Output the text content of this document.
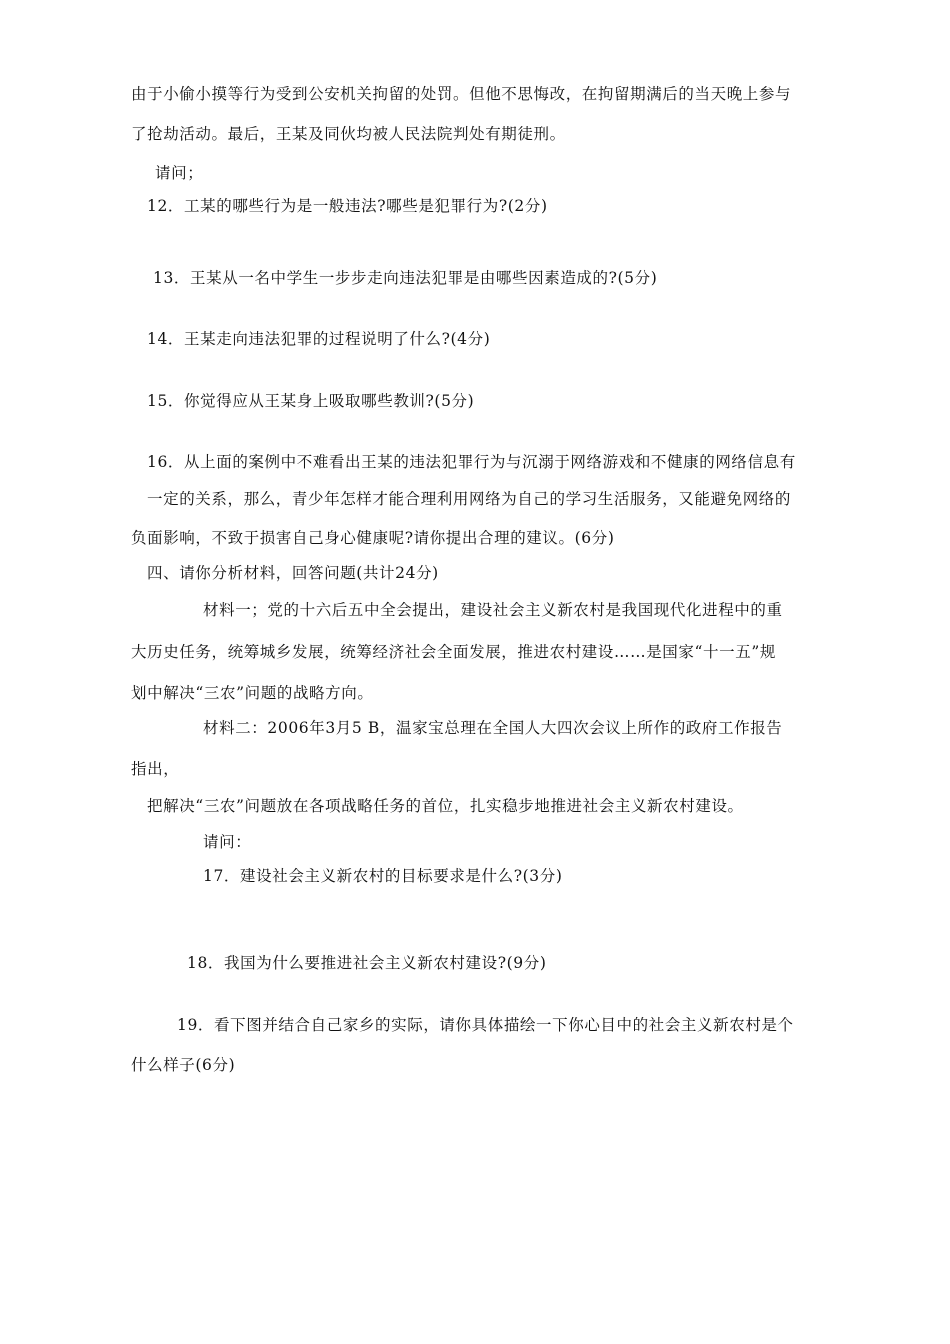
由于小偷小摸等行为受到公安机关拘留的处罚。但他不思悔改，在拘留期满后的当天晚上参与
了抢劫活动。最后，王某及同伙均被人民法院判处有期徒刑。
请问；
12．工某的哪些行为是一般违法?哪些是犯罪行为?(2分)
13．王某从一名中学生一步步走向违法犯罪是由哪些因素造成的?(5分)
14．王某走向违法犯罪的过程说明了什么?(4分)
15．你觉得应从王某身上吸取哪些教训?(5分)
16．从上面的案例中不难看出王某的违法犯罪行为与沉溺于网络游戏和不健康的网络信息有
一定的关系，那么，青少年怎样才能合理利用网络为自己的学习生活服务，又能避免网络的
负面影响，不致于损害自己身心健康呢?请你提出合理的建议。(6分)
四、请你分析材料，回答问题(共计24分)
材料一；党的十六后五中全会提出，建设社会主义新农村是我国现代化进程中的重
大历史任务，统筹城乡发展，统筹经济社会全面发展，推进农村建设……是国家“十一五”规
划中解决“三农”问题的战略方向。
材料二：2006年3月5 B，温家宝总理在全国人大四次会议上所作的政府工作报告
指出，
把解决“三农”问题放在各项战略任务的首位，扎实稳步地推进社会主义新农村建设。
请问：
17．建设社会主义新农村的目标要求是什么?(3分)
18．我国为什么要推进社会主义新农村建设?(9分)
19．看下图并结合自己家乡的实际，请你具体描绘一下你心目中的社会主义新农村是个
什么样子(6分)
